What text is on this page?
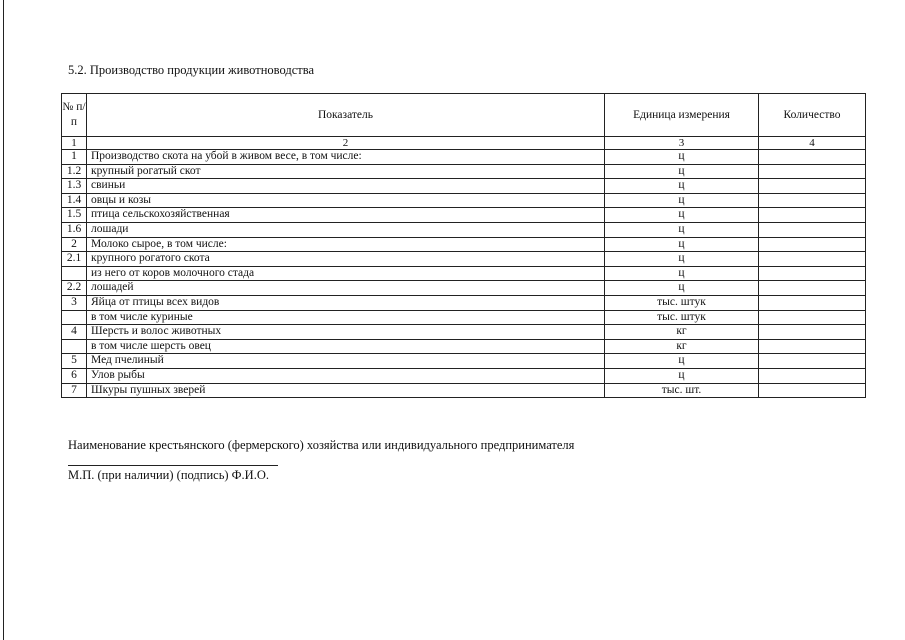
5.2. Производство продукции животноводства
№ п/п	Показатель	Единица измерения	Количество
1	2	3	4
1	Производство скота на убой в живом весе, в том числе:	ц	
1.2	крупный рогатый скот	ц	
1.3	свиньи	ц	
1.4	овцы и козы	ц	
1.5	птица сельскохозяйственная	ц	
1.6	лошади	ц	
2	Молоко сырое, в том числе:	ц	
2.1	крупного рогатого скота	ц	
	из него от коров молочного стада	ц	
2.2	лошадей	ц	
3	Яйца от птицы всех видов	тыс. штук	
	в том числе куриные	тыс. штук	
4	Шерсть и волос животных	кг	
	в том числе шерсть овец	кг	
5	Мед пчелиный	ц	
6	Улов рыбы	ц	
7	Шкуры пушных зверей	тыс. шт.	
Наименование крестьянского (фермерского) хозяйства или индивидуального предпринимателя
М.П. (при наличии) (подпись) Ф.И.О.
